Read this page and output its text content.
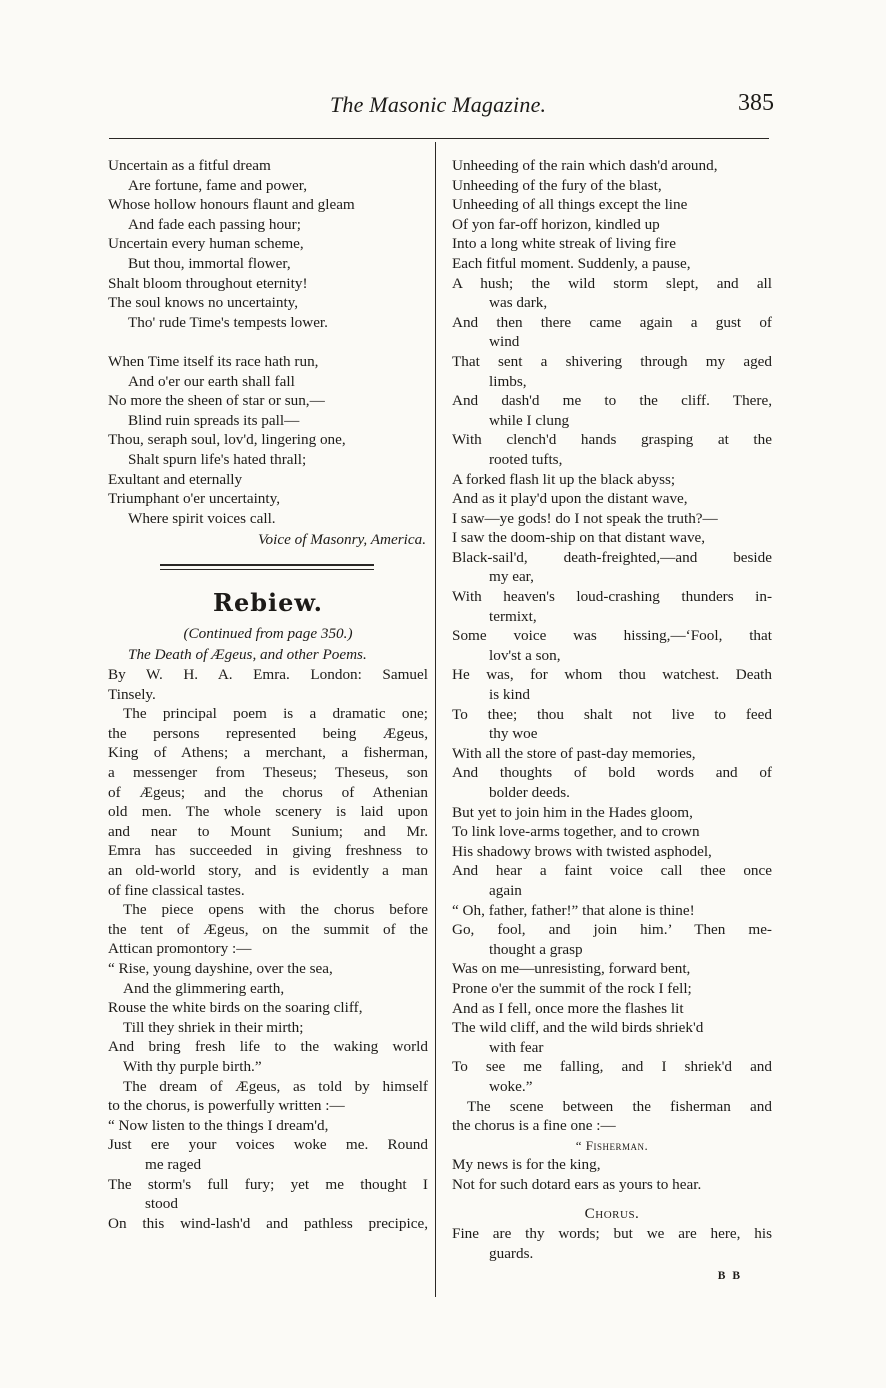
The Masonic Magazine.	385
Uncertain as a fitful dream
Are fortune, fame and power,
Whose hollow honours flaunt and gleam
And fade each passing hour;
Uncertain every human scheme,
But thou, immortal flower,
Shalt bloom throughout eternity!
The soul knows no uncertainty,
Tho' rude Time's tempests lower.
When Time itself its race hath run,
And o'er our earth shall fall
No more the sheen of star or sun,—
Blind ruin spreads its pall—
Thou, seraph soul, lov'd, lingering one,
Shalt spurn life's hated thrall;
Exultant and eternally
Triumphant o'er uncertainty,
Where spirit voices call.
Voice of Masonry, America.
Rebiew.
(Continued from page 350.)
The Death of Ægeus, and other Poems.
By W. H. A. Emra. London: Samuel
Tinsely.
The principal poem is a dramatic one;
the persons represented being Ægeus,
King of Athens; a merchant, a fisherman,
a messenger from Theseus; Theseus, son
of Ægeus; and the chorus of Athenian
old men. The whole scenery is laid upon
and near to Mount Sunium; and Mr.
Emra has succeeded in giving freshness to
an old-world story, and is evidently a man
of fine classical tastes.
The piece opens with the chorus before
the tent of Ægeus, on the summit of the
Attican promontory :—
“ Rise, young dayshine, over the sea,
And the glimmering earth,
Rouse the white birds on the soaring cliff,
Till they shriek in their mirth;
And bring fresh life to the waking world
With thy purple birth.”
The dream of Ægeus, as told by himself
to the chorus, is powerfully written :—
“ Now listen to the things I dream'd,
Just ere your voices woke me. Round
me raged
The storm's full fury; yet me thought I
stood
On this wind-lash'd and pathless precipice,
Unheeding of the rain which dash'd around,
Unheeding of the fury of the blast,
Unheeding of all things except the line
Of yon far-off horizon, kindled up
Into a long white streak of living fire
Each fitful moment. Suddenly, a pause,
A hush; the wild storm slept, and all
was dark,
And then there came again a gust of
wind
That sent a shivering through my aged
limbs,
And dash'd me to the cliff. There,
while I clung
With clench'd hands grasping at the
rooted tufts,
A forked flash lit up the black abyss;
And as it play'd upon the distant wave,
I saw—ye gods! do I not speak the truth?—
I saw the doom-ship on that distant wave,
Black-sail'd, death-freighted,—and beside
my ear,
With heaven's loud-crashing thunders in-
termixt,
Some voice was hissing,—‘Fool, that
lov'st a son,
He was, for whom thou watchest. Death
is kind
To thee; thou shalt not live to feed
thy woe
With all the store of past-day memories,
And thoughts of bold words and of
bolder deeds.
But yet to join him in the Hades gloom,
To link love-arms together, and to crown
His shadowy brows with twisted asphodel,
And hear a faint voice call thee once
again
“ Oh, father, father!” that alone is thine!
Go, fool, and join him.’ Then me-
thought a grasp
Was on me—unresisting, forward bent,
Prone o'er the summit of the rock I fell;
And as I fell, once more the flashes lit
The wild cliff, and the wild birds shriek'd
with fear
To see me falling, and I shriek'd and
woke.”
The scene between the fisherman and
the chorus is a fine one :—
“ Fisherman.
My news is for the king,
Not for such dotard ears as yours to hear.
Chorus.
Fine are thy words; but we are here, his
guards.
B B
